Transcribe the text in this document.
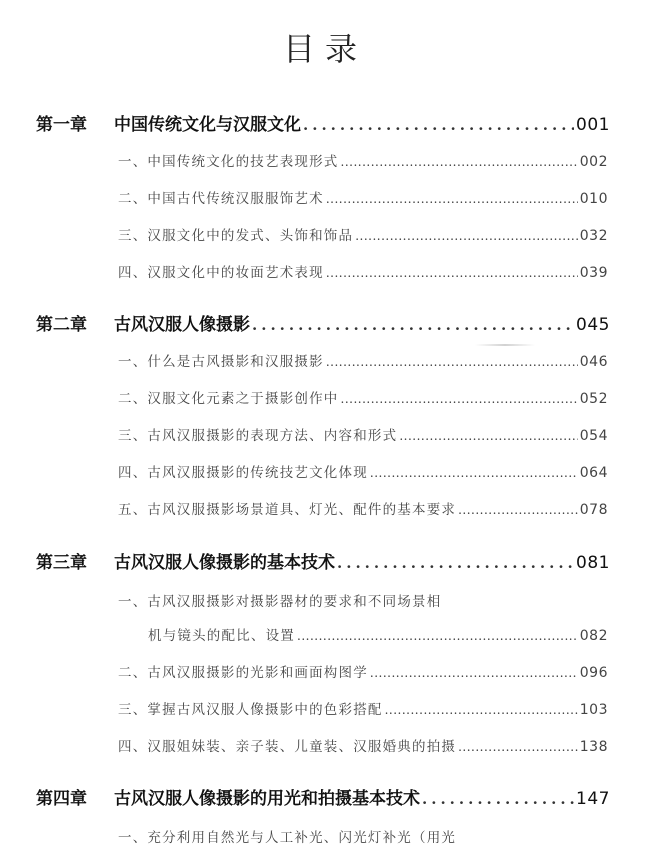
目录
第一章	中国传统文化与汉服文化 .....	001
一、中国传统文化的技艺表现形式 .....	002
二、中国古代传统汉服服饰艺术 .....	010
三、汉服文化中的发式、头饰和饰品 .....	032
四、汉服文化中的妆面艺术表现 .....	039
第二章	古风汉服人像摄影 .....	045
一、什么是古风摄影和汉服摄影 .....	046
二、汉服文化元素之于摄影创作中 .....	052
三、古风汉服摄影的表现方法、内容和形式 .....	054
四、古风汉服摄影的传统技艺文化体现 .....	064
五、古风汉服摄影场景道具、灯光、配件的基本要求 .....	078
第三章	古风汉服人像摄影的基本技术 .....	081
一、古风汉服摄影对摄影器材的要求和不同场景相
机与镜头的配比、设置 .....	082
二、古风汉服摄影的光影和画面构图学 .....	096
三、掌握古风汉服人像摄影中的色彩搭配 .....	103
四、汉服姐妹装、亲子装、儿童装、汉服婚典的拍摄 .....	138
第四章	古风汉服人像摄影的用光和拍摄基本技术 .....	147
一、充分利用自然光与人工补光、闪光灯补光（用光
